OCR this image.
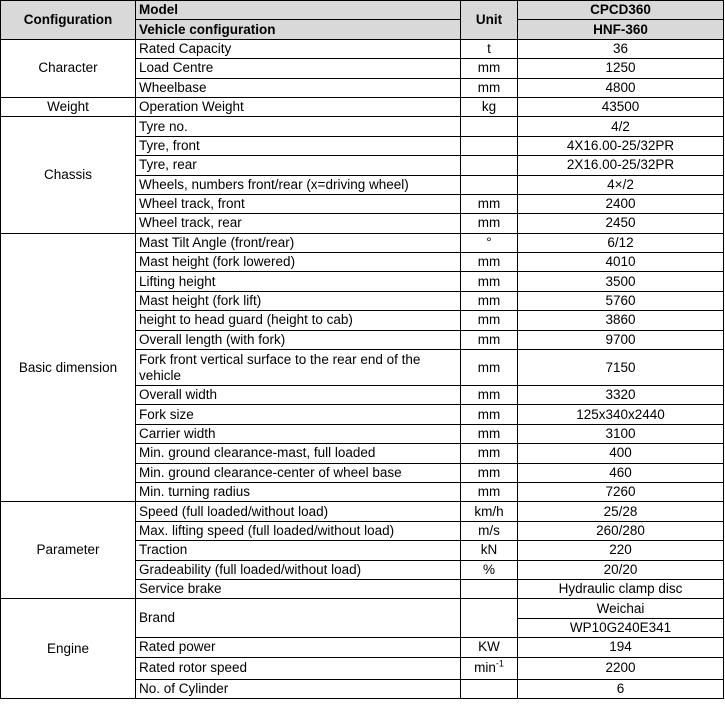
Configuration	Model	Unit	CPCD360
	Vehicle configuration		HNF-360
Character	Rated Capacity	t	36
	Load Centre	mm	1250
	Wheelbase	mm	4800
Weight	Operation Weight	kg	43500
Chassis	Tyre no.		4/2
	Tyre, front		4X16.00-25/32PR
	Tyre, rear		2X16.00-25/32PR
	Wheels, numbers front/rear (x=driving wheel)		4×/2
	Wheel track, front	mm	2400
	Wheel track, rear	mm	2450
Basic dimension	Mast Tilt Angle (front/rear)	°	6/12
	Mast height (fork lowered)	mm	4010
	Lifting height	mm	3500
	Mast height (fork lift)	mm	5760
	height to head guard (height to cab)	mm	3860
	Overall length (with fork)	mm	9700
	Fork front vertical surface to the rear end of the vehicle	mm	7150
	Overall width	mm	3320
	Fork size	mm	125x340x2440
	Carrier width	mm	3100
	Min. ground clearance-mast, full loaded	mm	400
	Min. ground clearance-center of wheel base	mm	460
	Min. turning radius	mm	7260
Parameter	Speed (full loaded/without load)	km/h	25/28
	Max. lifting speed (full loaded/without load)	m/s	260/280
	Traction	kN	220
	Gradeability (full loaded/without load)	%	20/20
	Service brake		Hydraulic clamp disc
Engine	Brand		Weichai
			WP10G240E341
	Rated power	KW	194
	Rated rotor speed	$\min^{-1}$	2200
	No. of Cylinder		6
